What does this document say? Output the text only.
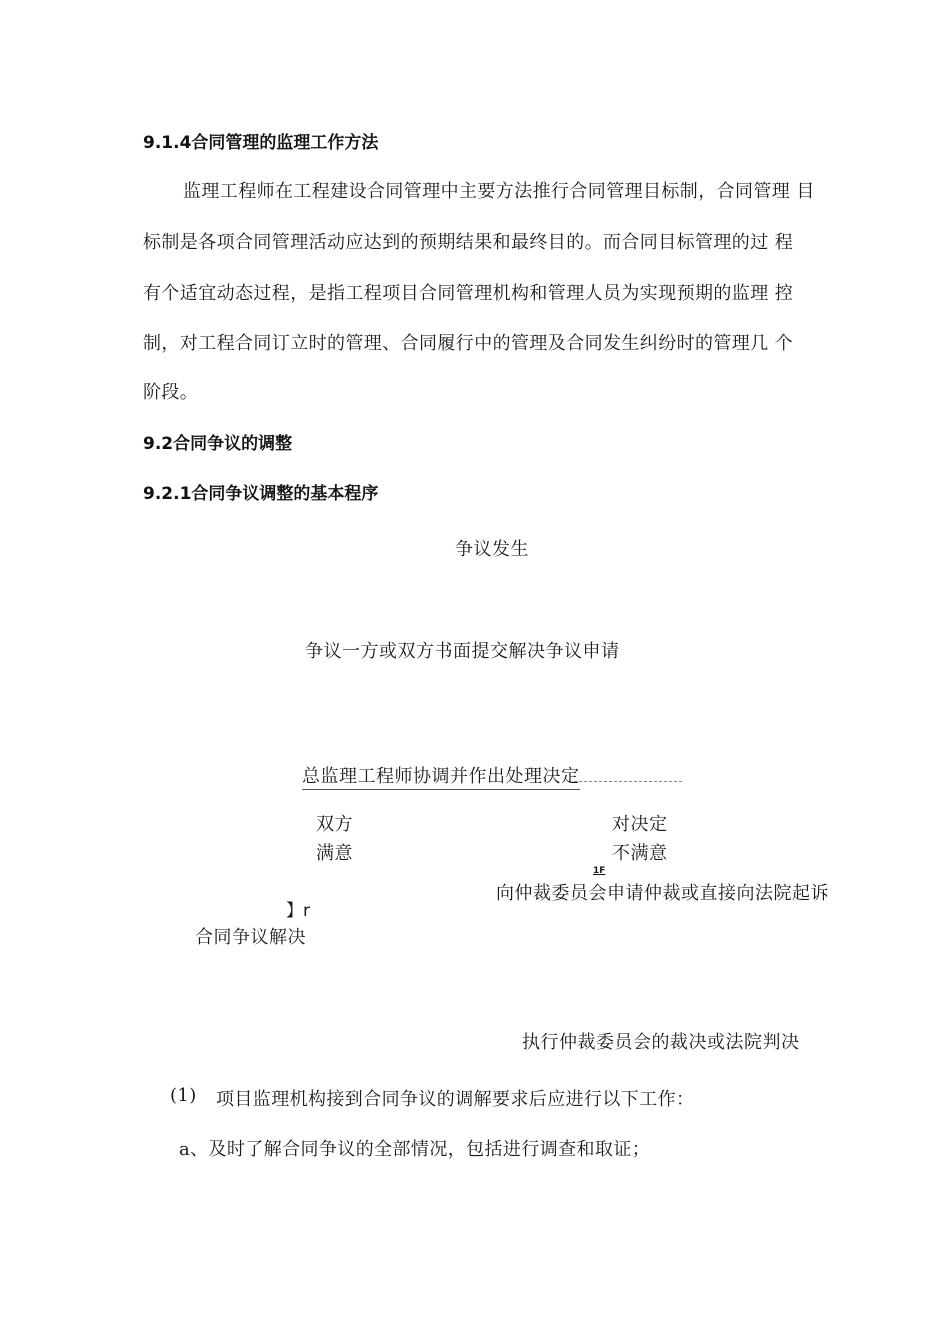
9.1.4合同管理的监理工作方法
监理工程师在工程建设合同管理中主要方法推行合同管理目标制，合同管理 目
标制是各项合同管理活动应达到的预期结果和最终目的。而合同目标管理的过 程
有个适宜动态过程，是指工程项目合同管理机构和管理人员为实现预期的监理 控
制，对工程合同订立时的管理、合同履行中的管理及合同发生纠纷时的管理几 个
阶段。
9.2合同争议的调整
9.2.1合同争议调整的基本程序
争议发生
争议一方或双方书面提交解决争议申请
总监理工程师协调并作出处理决定
双方
满意
对决定
不满意
1F
向仲裁委员会申请仲裁或直接向法院起诉
】r
合同争议解决
执行仲裁委员会的裁决或法院判决
(1) 项目监理机构接到合同争议的调解要求后应进行以下工作：
a、及时了解合同争议的全部情况，包括进行调查和取证；
